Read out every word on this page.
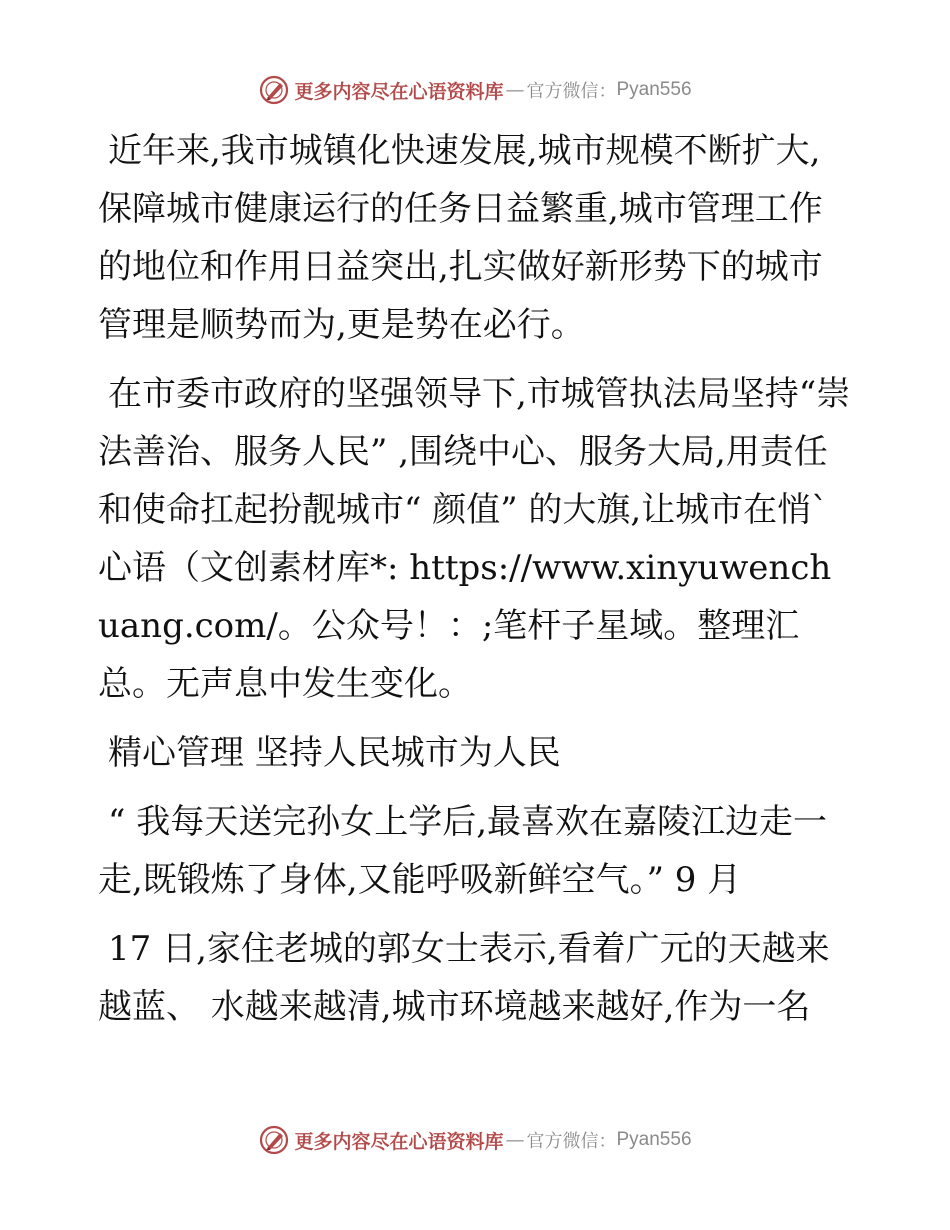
更多内容尽在心语资料库 — 官方微信： Pyan556

近年来,我市城镇化快速发展,城市规模不断扩大,保障城市健康运行的任务日益繁重,城市管理工作的地位和作用日益突出,扎实做好新形势下的城市管理是顺势而为,更是势在必行。

在市委市政府的坚强领导下,市城管执法局坚持“崇法善治、服务人民” ,围绕中心、服务大局,用责任和使命扛起扮靓城市“ 颜值” 的大旗,让城市在悄`心语（文创素材库*: https://www.xinyuwenchuang.com/。公众号！：;笔杆子星域。整理汇总。无声息中发生变化。

精心管理 坚持人民城市为人民

“ 我每天送完孙女上学后,最喜欢在嘉陵江边走一走,既锻炼了身体,又能呼吸新鲜空气。” 9 月

17 日,家住老城的郭女士表示,看着广元的天越来越蓝、 水越来越清,城市环境越来越好,作为一名

更多内容尽在心语资料库 — 官方微信： Pyan556
